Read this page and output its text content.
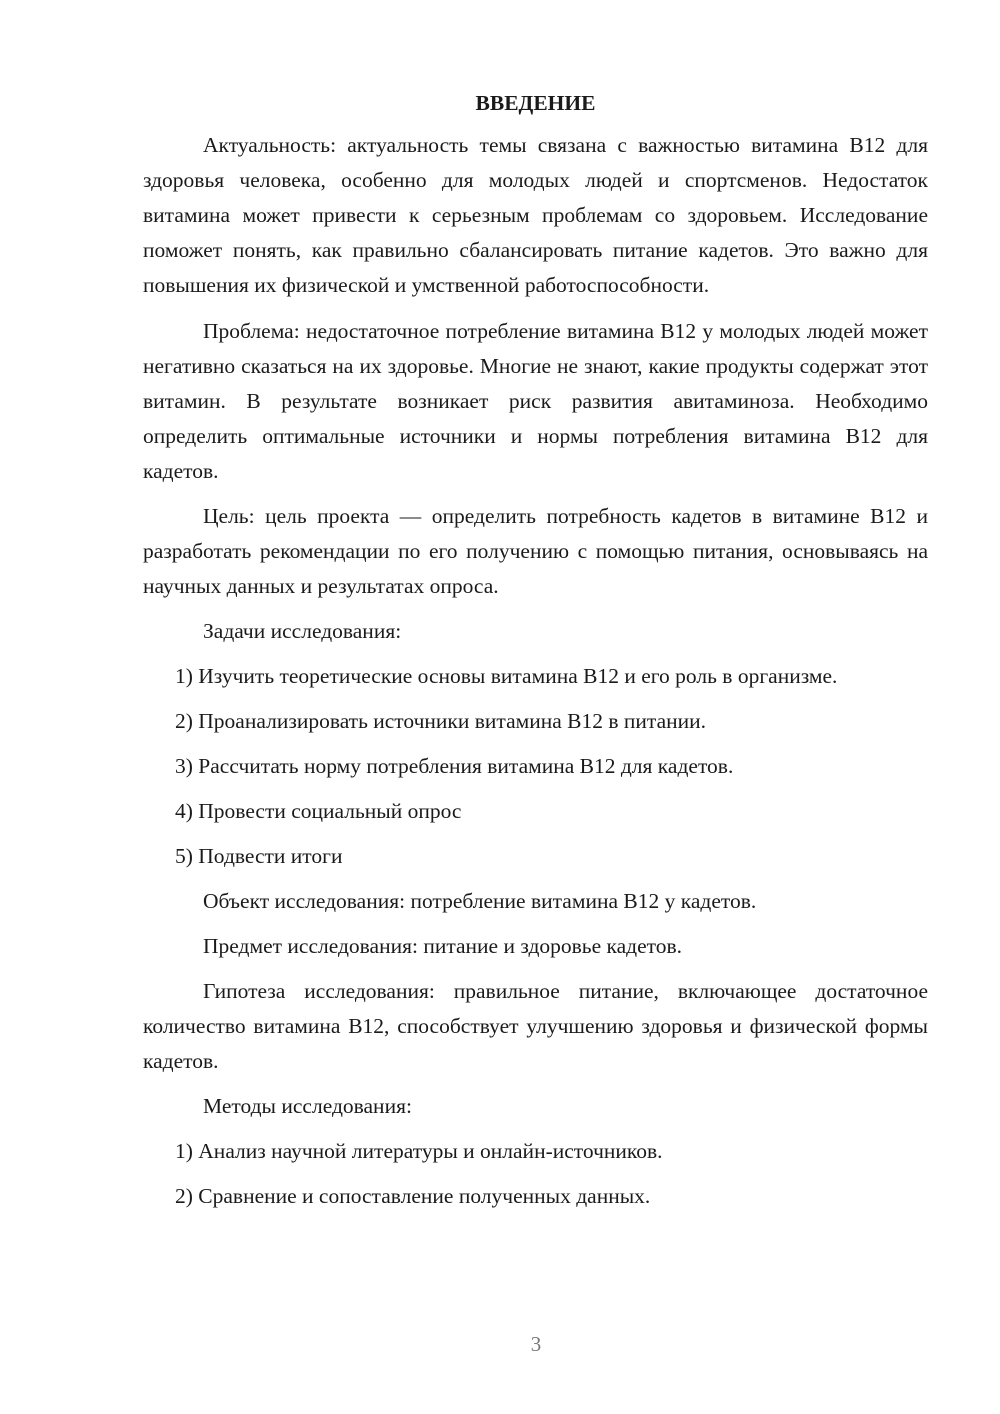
ВВЕДЕНИЕ

Актуальность: актуальность темы связана с важностью витамина B12 для здоровья человека, особенно для молодых людей и спортсменов. Недостаток витамина может привести к серьезным проблемам со здоровьем. Исследование поможет понять, как правильно сбалансировать питание кадетов. Это важно для повышения их физической и умственной работоспособности.

Проблема: недостаточное потребление витамина B12 у молодых людей может негативно сказаться на их здоровье. Многие не знают, какие продукты содержат этот витамин. В результате возникает риск развития авитаминоза. Необходимо определить оптимальные источники и нормы потребления витамина B12 для кадетов.

Цель: цель проекта — определить потребность кадетов в витамине B12 и разработать рекомендации по его получению с помощью питания, основываясь на научных данных и результатах опроса.

Задачи исследования:

1) Изучить теоретические основы витамина B12 и его роль в организме.

2) Проанализировать источники витамина B12 в питании.

3) Рассчитать норму потребления витамина B12 для кадетов.

4) Провести социальный опрос

5) Подвести итоги

Объект исследования: потребление витамина B12 у кадетов.

Предмет исследования: питание и здоровье кадетов.

Гипотеза исследования: правильное питание, включающее достаточное количество витамина B12, способствует улучшению здоровья и физической формы кадетов.

Методы исследования:

1) Анализ научной литературы и онлайн-источников.

2) Сравнение и сопоставление полученных данных.

3
